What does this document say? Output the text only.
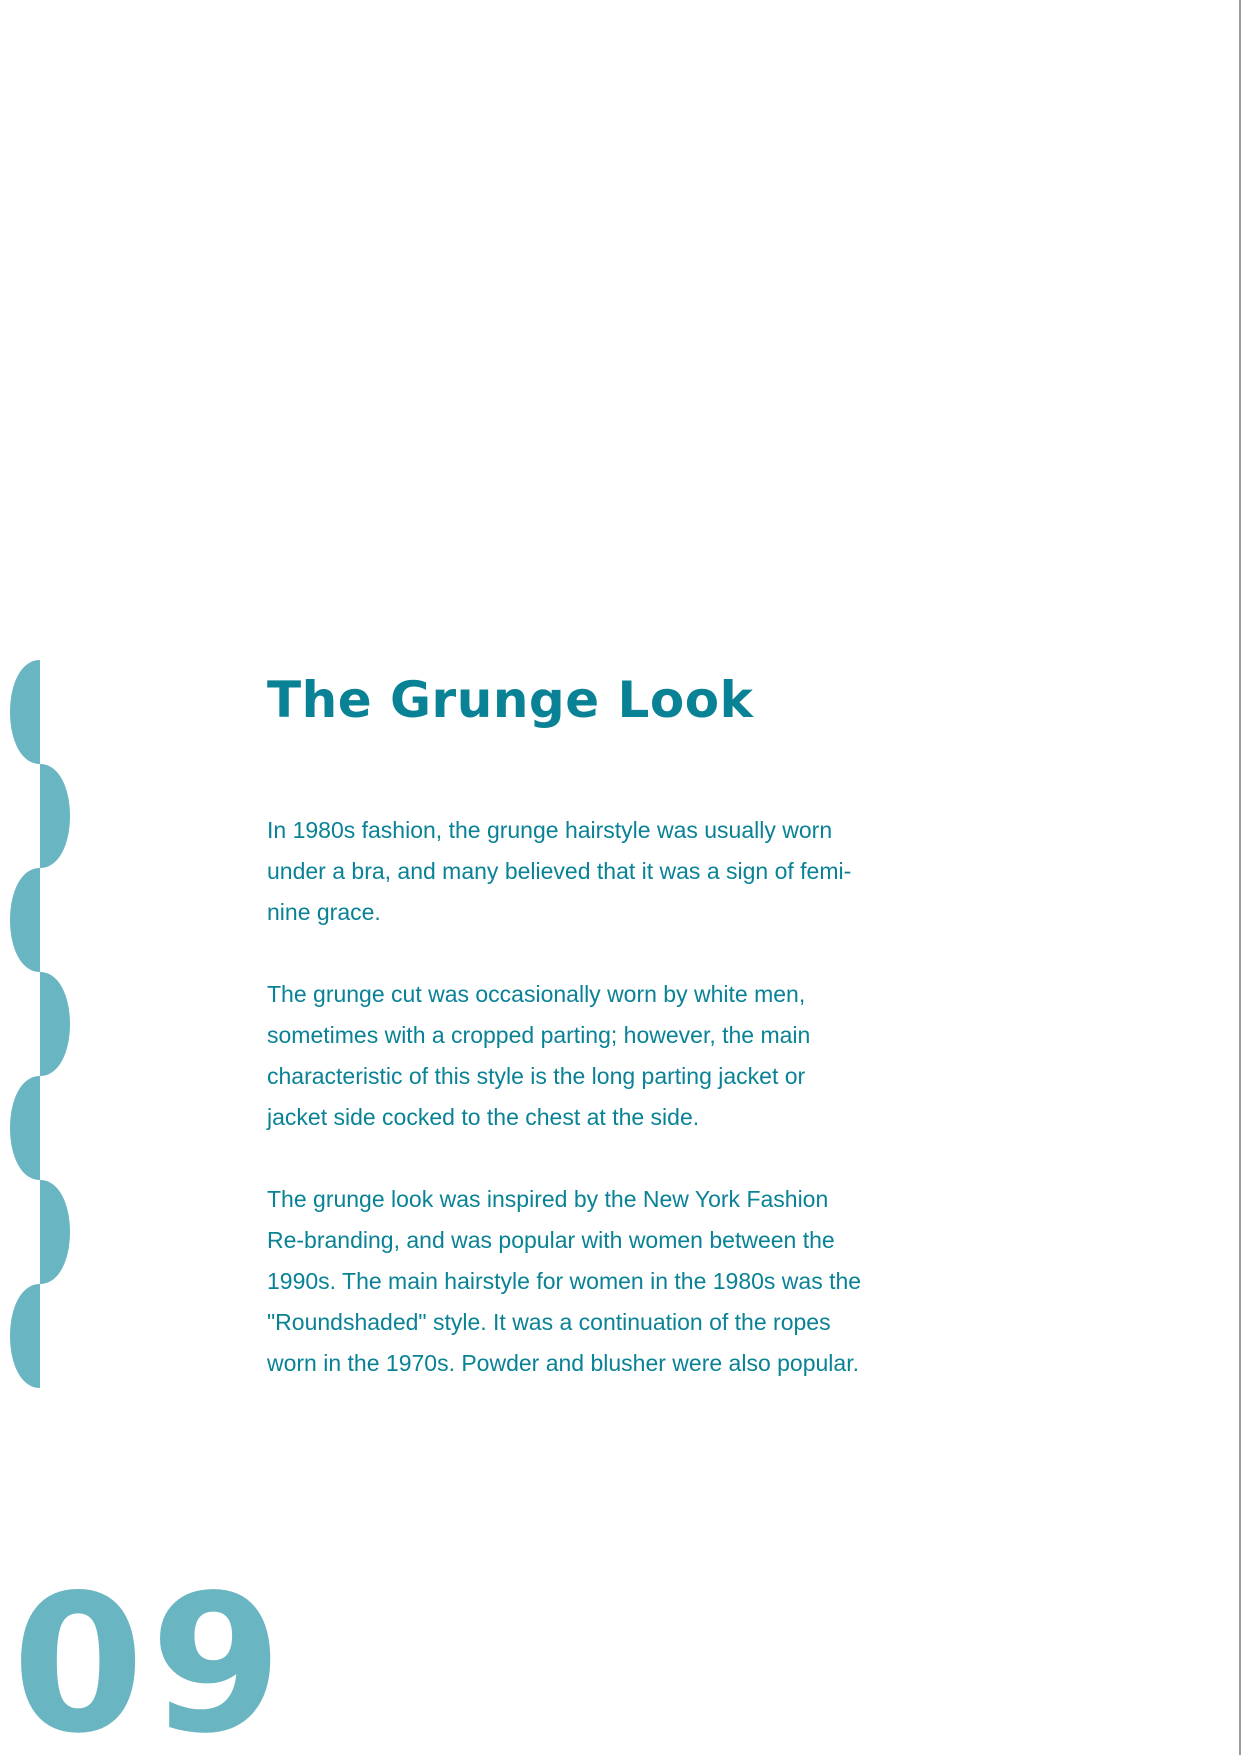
The Grunge Look

In 1980s fashion, the grunge hairstyle was usually worn
under a bra, and many believed that it was a sign of femi-
nine grace.

The grunge cut was occasionally worn by white men,
sometimes with a cropped parting; however, the main
characteristic of this style is the long parting jacket or
jacket side cocked to the chest at the side.

The grunge look was inspired by the New York Fashion
Re-branding, and was popular with women between the
1990s. The main hairstyle for women in the 1980s was the
"Roundshaded" style. It was a continuation of the ropes
worn in the 1970s. Powder and blusher were also popular.

09
